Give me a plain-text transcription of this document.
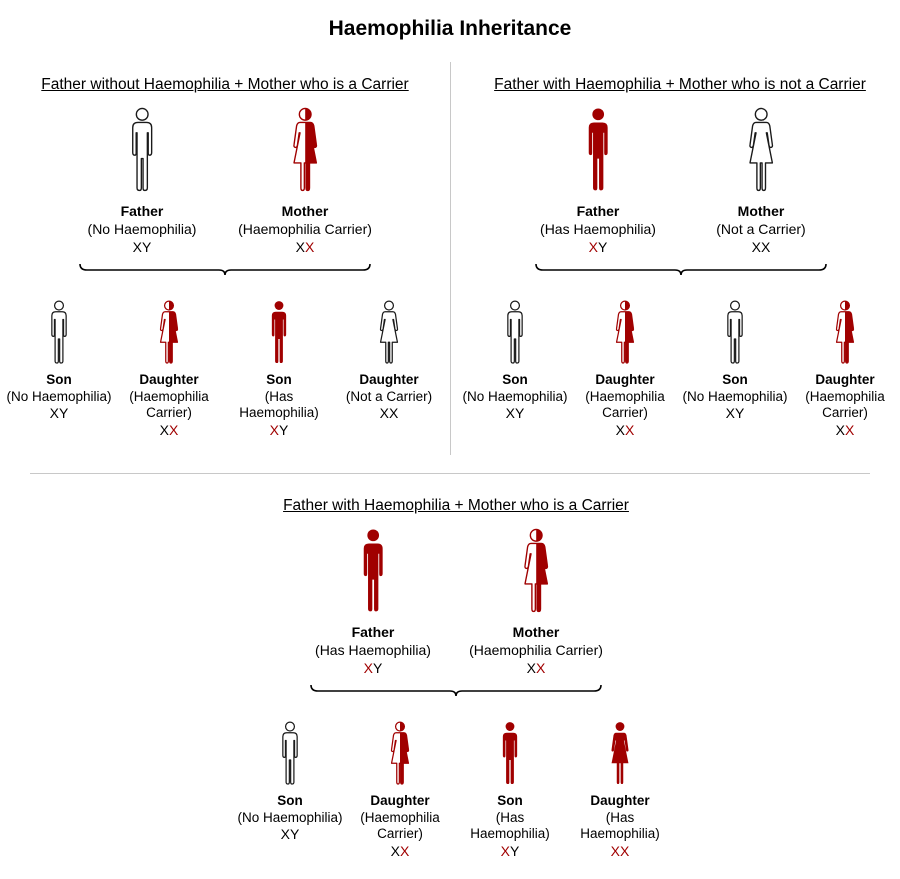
Haemophilia Inheritance
Father without Haemophilia + Mother who is a Carrier
Father
(No Haemophilia)
XY
Mother
(Haemophilia Carrier)
XX
Son
(No Haemophilia)
XY
Daughter
(Haemophilia Carrier)
XX
Son
(Has Haemophilia)
XY
Daughter
(Not a Carrier)
XX
Father with Haemophilia + Mother who is not a Carrier
Father
(Has Haemophilia)
XY
Mother
(Not a Carrier)
XX
Son
(No Haemophilia)
XY
Daughter
(Haemophilia Carrier)
XX
Son
(No Haemophilia)
XY
Daughter
(Haemophilia Carrier)
XX
Father with Haemophilia + Mother who is a Carrier
Father
(Has Haemophilia)
XY
Mother
(Haemophilia Carrier)
XX
Son
(No Haemophilia)
XY
Daughter
(Haemophilia Carrier)
XX
Son
(Has Haemophilia)
XY
Daughter
(Has Haemophilia)
XX
